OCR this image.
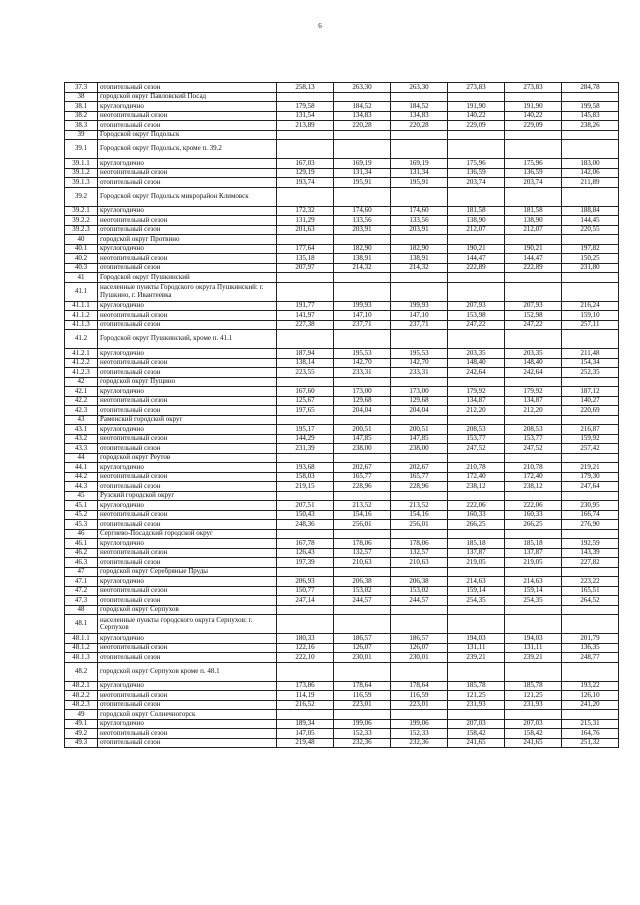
6
37.3	отопительный сезон	258,13	263,30	263,30	273,83	273,83	284,78
38	городской округ Павловский Посад						
38.1	круглогодично	179,58	184,52	184,52	191,90	191,90	199,58
38.2	неотопительный сезон	131,54	134,83	134,83	140,22	140,22	145,83
38.3	отопительный сезон	213,89	220,28	220,28	229,09	229,09	238,26
39	Городской округ Подольск						
39.1	Городской округ Подольск, кроме п. 39.2						
39.1.1	круглогодично	167,03	169,19	169,19	175,96	175,96	183,00
39.1.2	неотопительный сезон	129,19	131,34	131,34	136,59	136,59	142,06
39.1.3	отопительный сезон	193,74	195,91	195,91	203,74	203,74	211,89
39.2	Городской округ Подольск микрорайон Климовск						
39.2.1	круглогодично	172,32	174,60	174,60	181,58	181,58	188,84
39.2.2	неотопительный сезон	131,29	133,56	133,56	138,90	138,90	144,45
39.2.3	отопительный сезон	201,63	203,91	203,91	212,07	212,07	220,55
40	городской округ Протвино						
40.1	круглогодично	177,64	182,90	182,90	190,21	190,21	197,82
40.2	неотопительный сезон	135,18	138,91	138,91	144,47	144,47	150,25
40.3	отопительный сезон	207,97	214,32	214,32	222,89	222,89	231,80
41	Городской округ Пушкинский						
41.1	населенные пункты Городского округа Пушкинский: г. Пушкино, г. Ивантеевка						
41.1.1	круглогодично	191,77	199,93	199,93	207,93	207,93	216,24
41.1.2	неотопительный сезон	141,97	147,10	147,10	153,98	152,98	159,10
41.1.3	отопительный сезон	227,38	237,71	237,71	247,22	247,22	257,11
41.2	Городской округ Пушкинский, кроме п. 41.1						
41.2.1	круглогодично	187,94	195,53	195,53	203,35	203,35	211,48
41.2.2	неотопительный сезон	138,14	142,70	142,70	148,40	148,40	154,34
41.2.3	отопительный сезон	223,55	233,31	233,31	242,64	242,64	252,35
42	городской округ Пущино						
42.1	круглогодично	167,60	173,00	173,00	179,92	179,92	187,12
42.2	неотопительный сезон	125,67	129,68	129,68	134,87	134,87	140,27
42.3	отопительный сезон	197,65	204,04	204,04	212,20	212,20	220,69
43	Раменский городской округ						
43.1	круглогодично	195,17	200,51	200,51	208,53	208,53	216,87
43.2	неотопительный сезон	144,29	147,85	147,85	153,77	153,77	159,92
43.3	отопительный сезон	231,39	238,00	238,00	247,52	247,52	257,42
44	городской округ Реутов						
44.1	круглогодично	193,68	202,67	202,67	210,78	210,78	219,21
44.2	неотопительный сезон	158,03	165,77	165,77	172,40	172,40	179,30
44.3	отопительный сезон	219,15	228,96	228,96	238,12	238,12	247,64
45	Рузский городской округ						
45.1	круглогодично	207,51	213,52	213,52	222,06	222,06	230,95
45.2	неотопительный сезон	150,43	154,16	154,16	160,33	160,33	166,74
45.3	отопительный сезон	248,36	256,01	256,01	266,25	266,25	276,90
46	Сергиево-Посадский городской округ						
46.1	круглогодично	167,78	178,06	178,06	185,18	185,18	192,59
46.2	неотопительный сезон	126,43	132,57	132,57	137,87	137,87	143,39
46.3	отопительный сезон	197,39	210,63	210,63	219,05	219,05	227,82
47	городской округ Серебряные Пруды						
47.1	круглогодично	206,93	206,38	206,38	214,63	214,63	223,22
47.2	неотопительный сезон	150,77	153,02	153,02	159,14	159,14	165,51
47.3	отопительный сезон	247,14	244,57	244,57	254,35	254,35	264,52
48	городской округ Серпухов						
48.1	населенные пункты городского округа Серпухов: г. Серпухов						
48.1.1	круглогодично	180,33	186,57	186,57	194,03	194,03	201,79
48.1.2	неотопительный сезон	122,16	126,07	126,07	131,11	131,11	136,35
48.1.3	отопительный сезон	222,10	230,01	230,01	239,21	239,21	248,77
48.2	городской округ Серпухов кроме п. 48.1						
48.2.1	круглогодично	173,86	178,64	178,64	185,78	185,78	193,22
48.2.2	неотопительный сезон	114,19	116,59	116,59	121,25	121,25	126,10
48.2.3	отопительный сезон	216,52	223,01	223,01	231,93	231,93	241,20
49	городской округ Солнечногорск						
49.1	круглогодично	189,34	199,06	199,06	207,03	207,03	215,31
49.2	неотопительный сезон	147,05	152,33	152,33	158,42	158,42	164,76
49.3	отопительный сезон	219,48	232,36	232,36	241,65	241,65	251,32
